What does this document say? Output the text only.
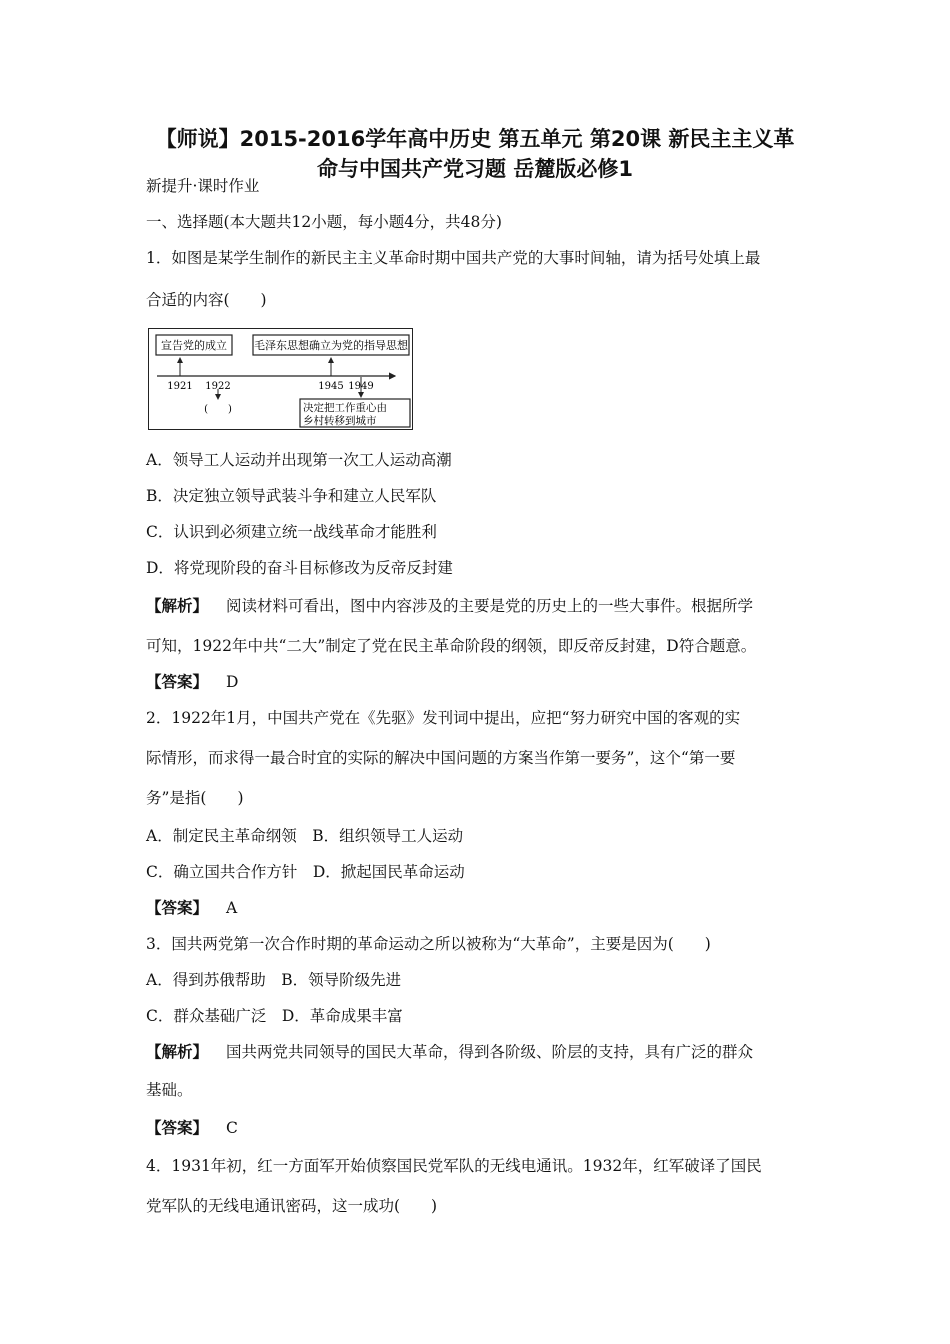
【师说】2015-2016学年高中历史 第五单元 第20课 新民主主义革
命与中国共产党习题 岳麓版必修1
新提升·课时作业
一、选择题(本大题共12小题，每小题4分，共48分)
1．如图是某学生制作的新民主主义革命时期中国共产党的大事时间轴，请为括号处填上最
合适的内容(　　)
宣告党的成立 毛泽东思想确立为党的指导思想
1921 1922	1945 1949
(　　)	决定把工作重心由
乡村转移到城市
A．领导工人运动并出现第一次工人运动高潮
B．决定独立领导武装斗争和建立人民军队
C．认识到必须建立统一战线革命才能胜利
D．将党现阶段的奋斗目标修改为反帝反封建
【解析】 阅读材料可看出，图中内容涉及的主要是党的历史上的一些大事件。根据所学
可知，1922年中共“二大”制定了党在民主革命阶段的纲领，即反帝反封建，D符合题意。
【答案】 D
2．1922年1月，中国共产党在《先驱》发刊词中提出，应把“努力研究中国的客观的实
际情形，而求得一最合时宜的实际的解决中国问题的方案当作第一要务”，这个“第一要
务”是指(　　)
A．制定民主革命纲领　B．组织领导工人运动
C．确立国共合作方针　D．掀起国民革命运动
【答案】 A
3．国共两党第一次合作时期的革命运动之所以被称为“大革命”，主要是因为(　　)
A．得到苏俄帮助　B．领导阶级先进
C．群众基础广泛　D．革命成果丰富
【解析】 国共两党共同领导的国民大革命，得到各阶级、阶层的支持，具有广泛的群众
基础。
【答案】 C
4．1931年初，红一方面军开始侦察国民党军队的无线电通讯。1932年，红军破译了国民
党军队的无线电通讯密码，这一成功(　　)
